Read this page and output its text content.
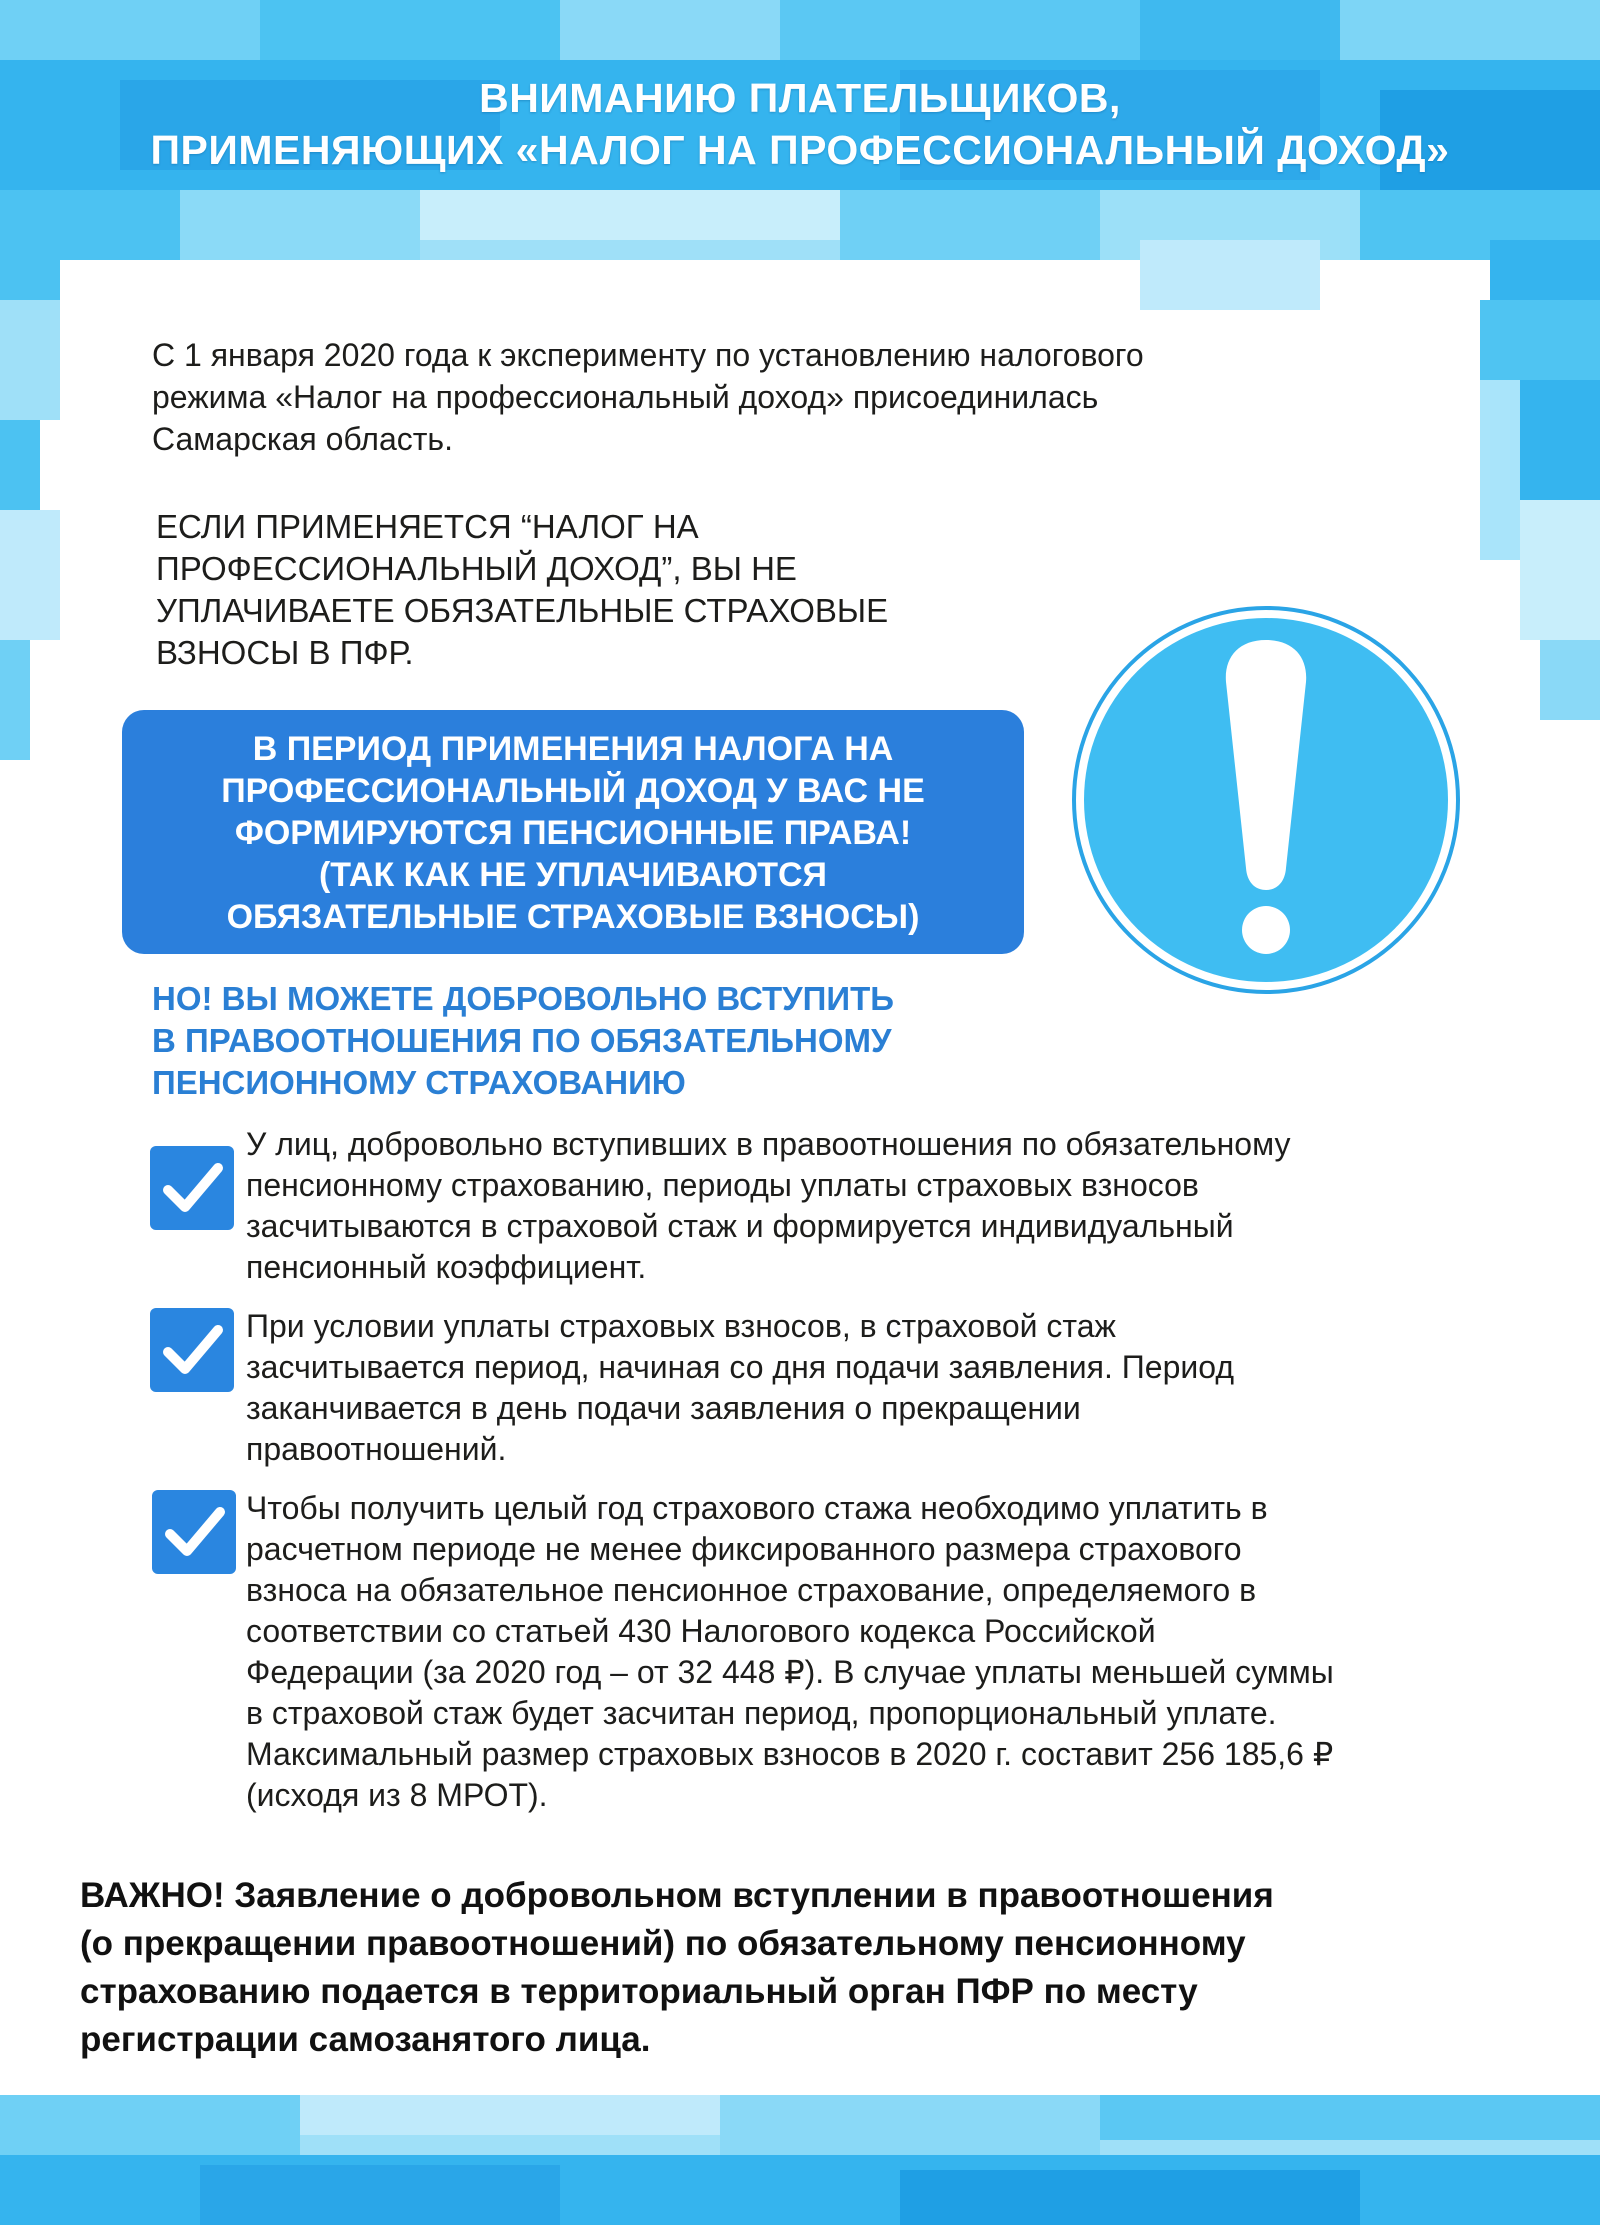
ВНИМАНИЮ ПЛАТЕЛЬЩИКОВ,
ПРИМЕНЯЮЩИХ «НАЛОГ НА ПРОФЕССИОНАЛЬНЫЙ ДОХОД»
С 1 января 2020 года к эксперименту по установлению налогового
режима «Налог на профессиональный доход» присоединилась
Самарская область.
ЕСЛИ ПРИМЕНЯЕТСЯ “НАЛОГ НА
ПРОФЕССИОНАЛЬНЫЙ ДОХОД”, ВЫ НЕ
УПЛАЧИВАЕТЕ ОБЯЗАТЕЛЬНЫЕ СТРАХОВЫЕ
ВЗНОСЫ В ПФР.
В ПЕРИОД ПРИМЕНЕНИЯ НАЛОГА НА
ПРОФЕССИОНАЛЬНЫЙ ДОХОД У ВАС НЕ
ФОРМИРУЮТСЯ ПЕНСИОННЫЕ ПРАВА!
(ТАК КАК НЕ УПЛАЧИВАЮТСЯ
ОБЯЗАТЕЛЬНЫЕ СТРАХОВЫЕ ВЗНОСЫ)
НО! ВЫ МОЖЕТЕ ДОБРОВОЛЬНО ВСТУПИТЬ
В ПРАВООТНОШЕНИЯ ПО ОБЯЗАТЕЛЬНОМУ
ПЕНСИОННОМУ СТРАХОВАНИЮ
У лиц, добровольно вступивших в правоотношения по обязательному
пенсионному страхованию, периоды уплаты страховых взносов
засчитываются в страховой стаж и формируется индивидуальный
пенсионный коэффициент.
При условии уплаты страховых взносов, в страховой стаж
засчитывается период, начиная со дня подачи заявления. Период
заканчивается в день подачи заявления о прекращении
правоотношений.
Чтобы получить целый год страхового стажа необходимо уплатить в
расчетном периоде не менее фиксированного размера страхового
взноса на обязательное пенсионное страхование, определяемого в
соответствии со статьей 430 Налогового кодекса Российской
Федерации (за 2020 год – от 32 448 ₽). В случае уплаты меньшей суммы
в страховой стаж будет засчитан период, пропорциональный уплате.
Максимальный размер страховых взносов в 2020 г. составит 256 185,6 ₽
(исходя из 8 МРОТ).
ВАЖНО! Заявление о добровольном вступлении в правоотношения
(о прекращении правоотношений) по обязательному пенсионному
страхованию подается в территориальный орган ПФР по месту
регистрации самозанятого лица.
